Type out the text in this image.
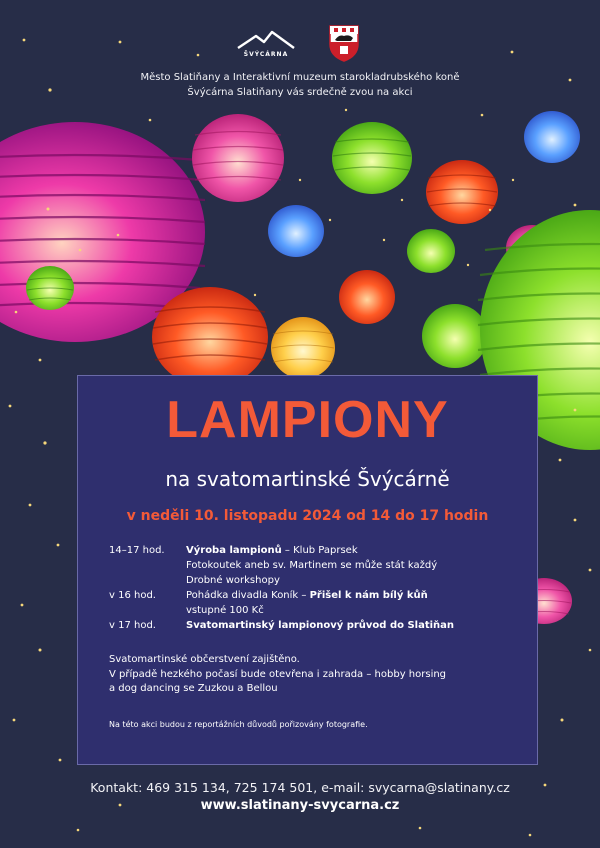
ŠVÝCÁRNA
Město Slatiňany a Interaktivní muzeum starokladrubského koně
Švýcárna Slatiňany vás srdečně zvou na akci
LAMPIONY
na svatomartinské Švýcárně
v neděli 10. listopadu 2024 od 14 do 17 hodin
14–17 hod.	Výroba lampionů – Klub Paprsek
Fotokoutek aneb sv. Martinem se může stát každý
Drobné workshopy
v 16 hod.	Pohádka divadla Koník – Přišel k nám bílý kůň
vstupné 100 Kč
v 17 hod.	Svatomartinský lampionový průvod do Slatiňan
Svatomartinské občerstvení zajištěno.
V případě hezkého počasí bude otevřena i zahrada – hobby horsing
a dog dancing se Zuzkou a Bellou
Na této akci budou z reportážních důvodů pořizovány fotografie.
Kontakt: 469 315 134, 725 174 501, e-mail: svycarna@slatinany.cz
www.slatinany-svycarna.cz
